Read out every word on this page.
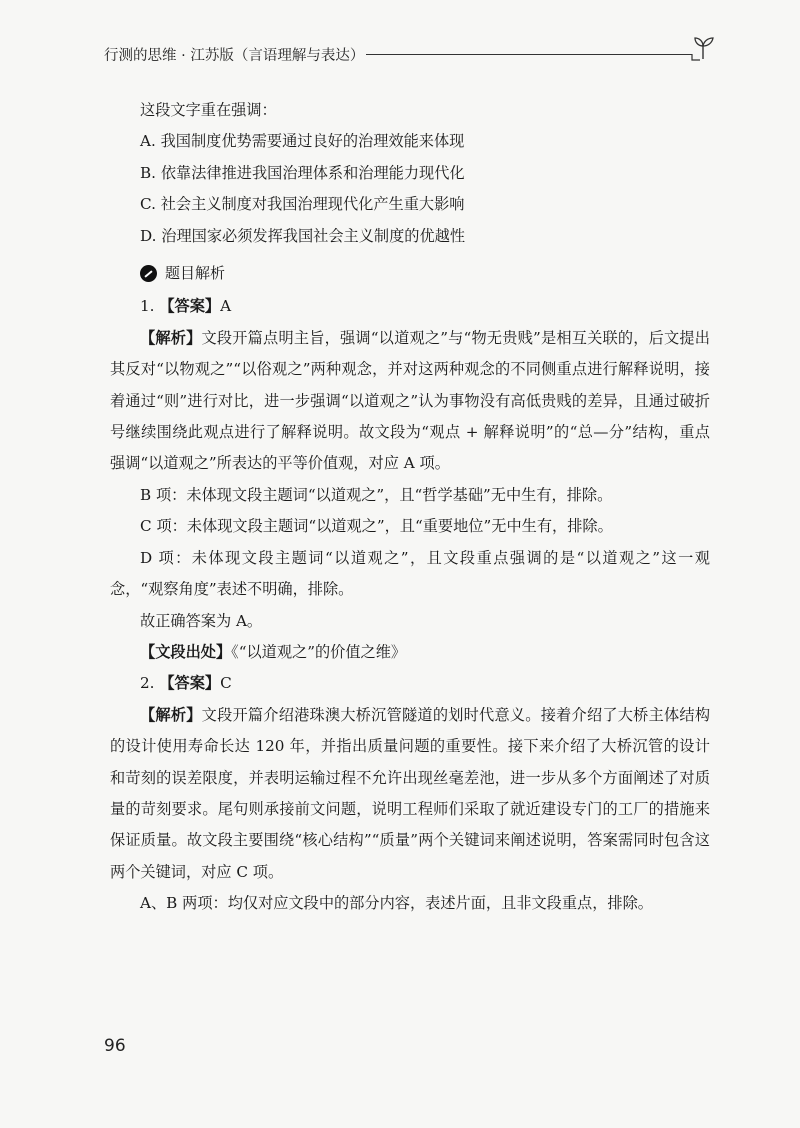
行测的思维 · 江苏版（言语理解与表达）

这段文字重在强调：

A. 我国制度优势需要通过良好的治理效能来体现

B. 依靠法律推进我国治理体系和治理能力现代化

C. 社会主义制度对我国治理现代化产生重大影响

D. 治理国家必须发挥我国社会主义制度的优越性

题目解析

1. 【答案】A

【解析】文段开篇点明主旨，强调“以道观之”与“物无贵贱”是相互关联的，后文提出其反对“以物观之”“以俗观之”两种观念，并对这两种观念的不同侧重点进行解释说明，接着通过“则”进行对比，进一步强调“以道观之”认为事物没有高低贵贱的差异，且通过破折号继续围绕此观点进行了解释说明。故文段为“观点 + 解释说明”的“总—分”结构，重点强调“以道观之”所表达的平等价值观，对应 A 项。

B 项：未体现文段主题词“以道观之”，且“哲学基础”无中生有，排除。

C 项：未体现文段主题词“以道观之”，且“重要地位”无中生有，排除。

D 项：未体现文段主题词“以道观之”，且文段重点强调的是“以道观之”这一观念，“观察角度”表述不明确，排除。

故正确答案为 A。

【文段出处】《“以道观之”的价值之维》

2. 【答案】C

【解析】文段开篇介绍港珠澳大桥沉管隧道的划时代意义。接着介绍了大桥主体结构的设计使用寿命长达 120 年，并指出质量问题的重要性。接下来介绍了大桥沉管的设计和苛刻的误差限度，并表明运输过程不允许出现丝毫差池，进一步从多个方面阐述了对质量的苛刻要求。尾句则承接前文问题，说明工程师们采取了就近建设专门的工厂的措施来保证质量。故文段主要围绕“核心结构”“质量”两个关键词来阐述说明，答案需同时包含这两个关键词，对应 C 项。

A、B 两项：均仅对应文段中的部分内容，表述片面，且非文段重点，排除。

96
